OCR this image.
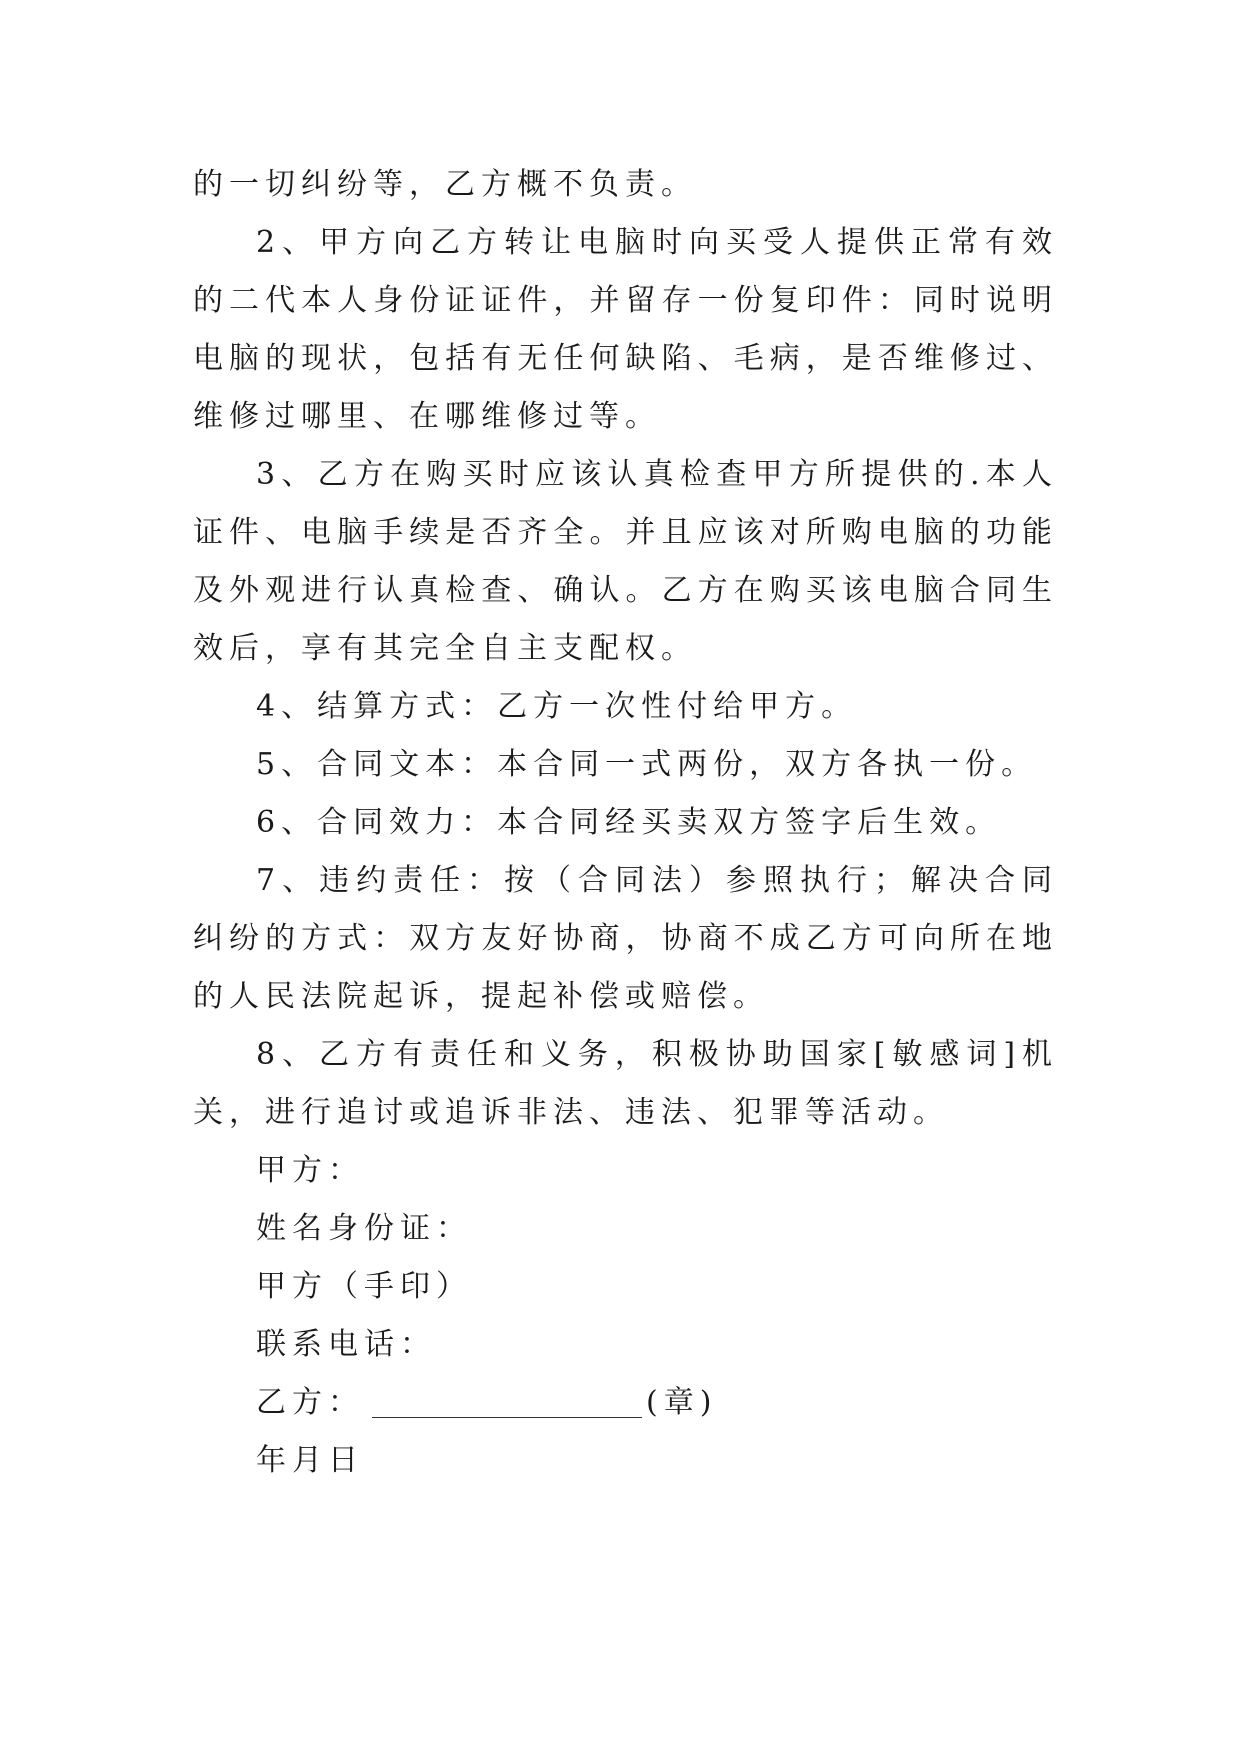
的一切纠纷等，乙方概不负责。

2、甲方向乙方转让电脑时向买受人提供正常有效的二代本人身份证证件，并留存一份复印件：同时说明电脑的现状，包括有无任何缺陷、毛病，是否维修过、维修过哪里、在哪维修过等。

3、乙方在购买时应该认真检查甲方所提供的.本人证件、电脑手续是否齐全。并且应该对所购电脑的功能及外观进行认真检查、确认。乙方在购买该电脑合同生效后，享有其完全自主支配权。

4、结算方式：乙方一次性付给甲方。

5、合同文本：本合同一式两份，双方各执一份。

6、合同效力：本合同经买卖双方签字后生效。

7、违约责任：按（合同法）参照执行；解决合同纠纷的方式：双方友好协商，协商不成乙方可向所在地的人民法院起诉，提起补偿或赔偿。

8、乙方有责任和义务，积极协助国家[敏感词]机关，进行追讨或追诉非法、违法、犯罪等活动。

甲方：

姓名身份证：

甲方（手印）

联系电话：

乙方：	(章)

年月日
